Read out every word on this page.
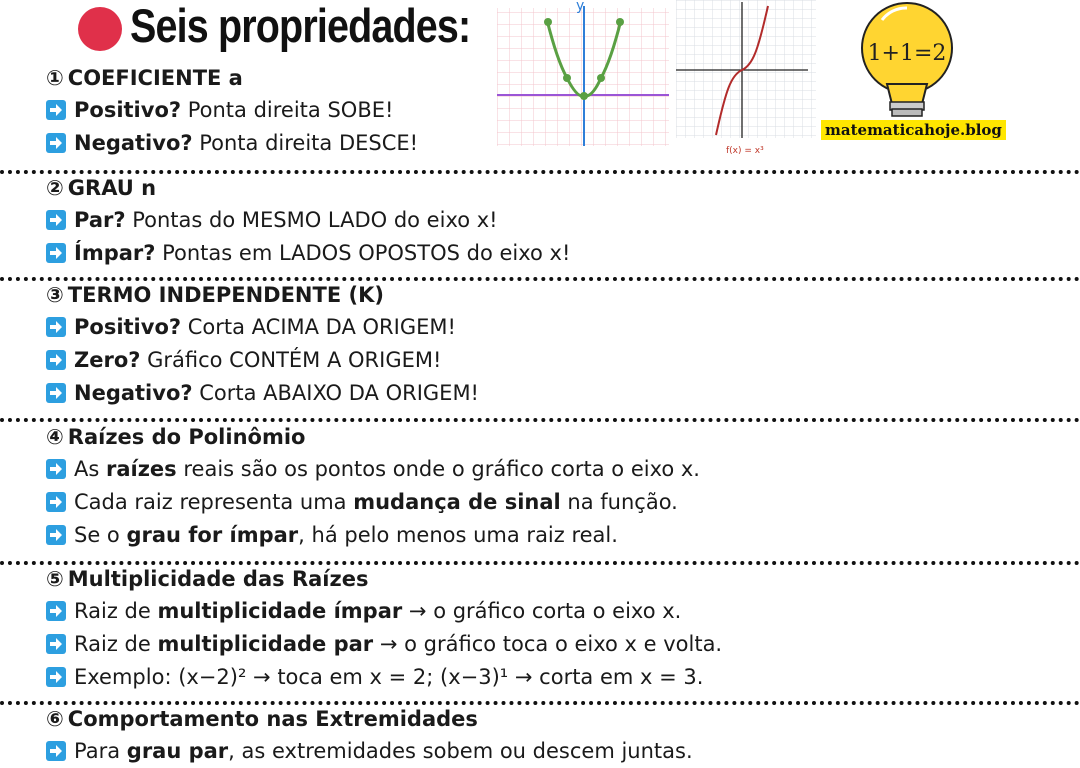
Seis propriedades:	y
f(x) = x³
1+1=2
matematicahoje.blog
① COEFICIENTE a
Positivo? Ponta direita SOBE!
Negativo? Ponta direita DESCE!
② GRAU n
Par? Pontas do MESMO LADO do eixo x!
Ímpar? Pontas em LADOS OPOSTOS do eixo x!
③ TERMO INDEPENDENTE (K)
Positivo? Corta ACIMA DA ORIGEM!
Zero? Gráfico CONTÉM A ORIGEM!
Negativo? Corta ABAIXO DA ORIGEM!
④ Raízes do Polinômio
As raízes reais são os pontos onde o gráfico corta o eixo x.
Cada raiz representa uma mudança de sinal na função.
Se o grau for ímpar, há pelo menos uma raiz real.
⑤ Multiplicidade das Raízes
Raiz de multiplicidade ímpar → o gráfico corta o eixo x.
Raiz de multiplicidade par → o gráfico toca o eixo x e volta.
Exemplo: (x−2)² → toca em x = 2; (x−3)¹ → corta em x = 3.
⑥ Comportamento nas Extremidades
Para grau par, as extremidades sobem ou descem juntas.
